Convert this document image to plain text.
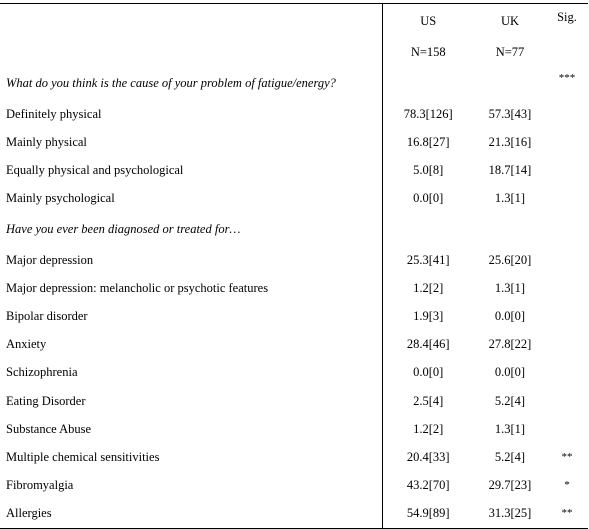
	US	UK	Sig.
	N=158	N=77	
What do you think is the cause of your problem of fatigue/energy?			***
Definitely physical	78.3[126]	57.3[43]	
Mainly physical	16.8[27]	21.3[16]	
Equally physical and psychological	5.0[8]	18.7[14]	
Mainly psychological	0.0[0]	1.3[1]	
Have you ever been diagnosed or treated for…			
Major depression	25.3[41]	25.6[20]	
Major depression: melancholic or psychotic features	1.2[2]	1.3[1]	
Bipolar disorder	1.9[3]	0.0[0]	
Anxiety	28.4[46]	27.8[22]	
Schizophrenia	0.0[0]	0.0[0]	
Eating Disorder	2.5[4]	5.2[4]	
Substance Abuse	1.2[2]	1.3[1]	
Multiple chemical sensitivities	20.4[33]	5.2[4]	**
Fibromyalgia	43.2[70]	29.7[23]	*
Allergies	54.9[89]	31.3[25]	**
